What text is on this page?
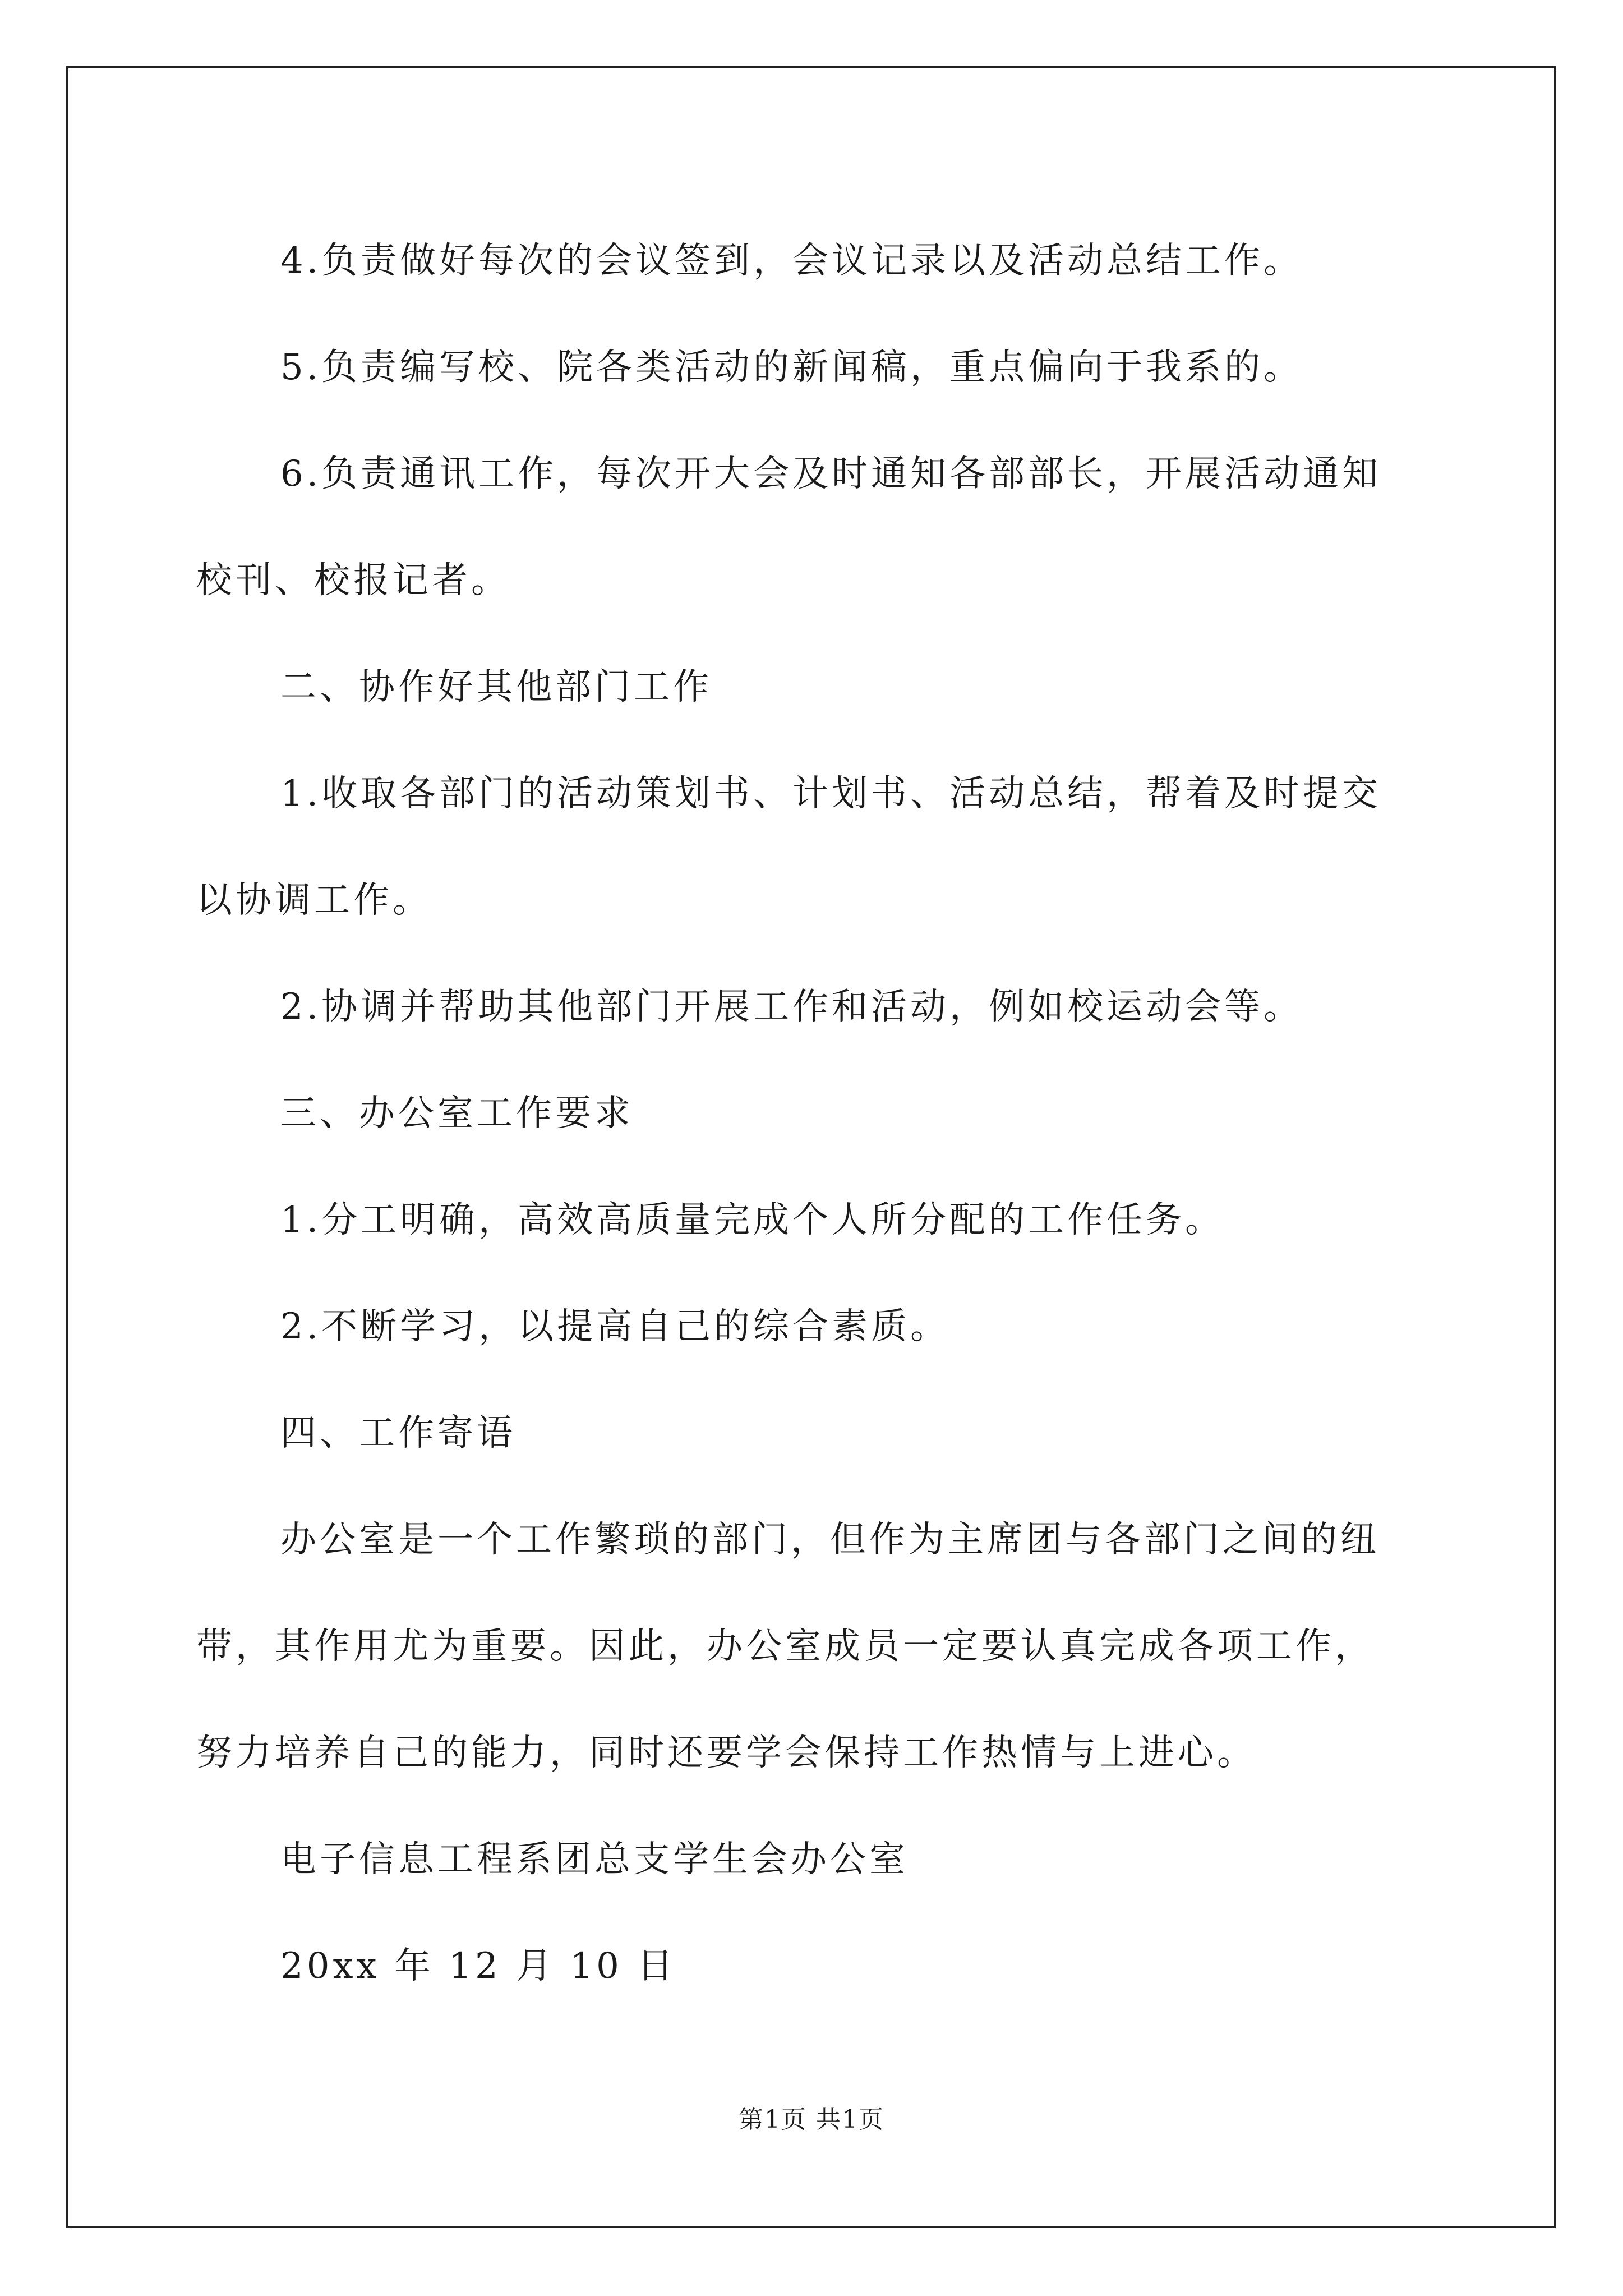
4.负责做好每次的会议签到，会议记录以及活动总结工作。

5.负责编写校、院各类活动的新闻稿，重点偏向于我系的。

6.负责通讯工作，每次开大会及时通知各部部长，开展活动通知

校刊、校报记者。

二、协作好其他部门工作

1.收取各部门的活动策划书、计划书、活动总结，帮着及时提交

以协调工作。

2.协调并帮助其他部门开展工作和活动，例如校运动会等。

三、办公室工作要求

1.分工明确，高效高质量完成个人所分配的工作任务。

2.不断学习，以提高自己的综合素质。

四、工作寄语

办公室是一个工作繁琐的部门，但作为主席团与各部门之间的纽

带，其作用尤为重要。因此，办公室成员一定要认真完成各项工作，

努力培养自己的能力，同时还要学会保持工作热情与上进心。

电子信息工程系团总支学生会办公室

20xx 年 12 月 10 日

第1页 共1页
